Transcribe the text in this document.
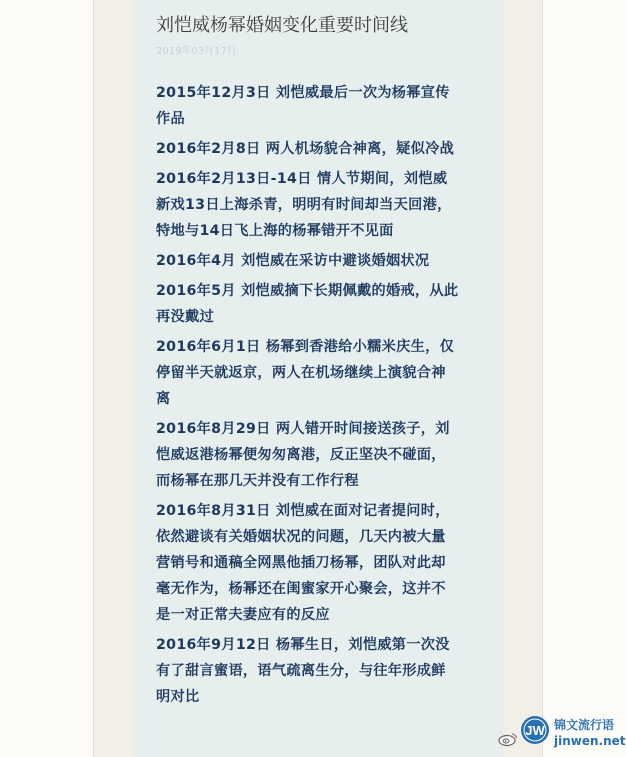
刘恺威杨幂婚姻变化重要时间线
2019年03月17日
2015年12月3日 刘恺威最后一次为杨幂宣传
作品
2016年2月8日 两人机场貌合神离，疑似冷战
2016年2月13日-14日 情人节期间，刘恺威
新戏13日上海杀青，明明有时间却当天回港，
特地与14日飞上海的杨幂错开不见面
2016年4月 刘恺威在采访中避谈婚姻状况
2016年5月 刘恺威摘下长期佩戴的婚戒，从此
再没戴过
2016年6月1日 杨幂到香港给小糯米庆生，仅
停留半天就返京，两人在机场继续上演貌合神
离
2016年8月29日 两人错开时间接送孩子，刘
恺威返港杨幂便匆匆离港，反正坚决不碰面，
而杨幂在那几天并没有工作行程
2016年8月31日 刘恺威在面对记者提问时，
依然避谈有关婚姻状况的问题，几天内被大量
营销号和通稿全网黑他插刀杨幂，团队对此却
毫无作为，杨幂还在闺蜜家开心聚会，这并不
是一对正常夫妻应有的反应
2016年9月12日 杨幂生日，刘恺威第一次没
有了甜言蜜语，语气疏离生分，与往年形成鲜
明对比
JW 锦文流行语
jinwen.net
